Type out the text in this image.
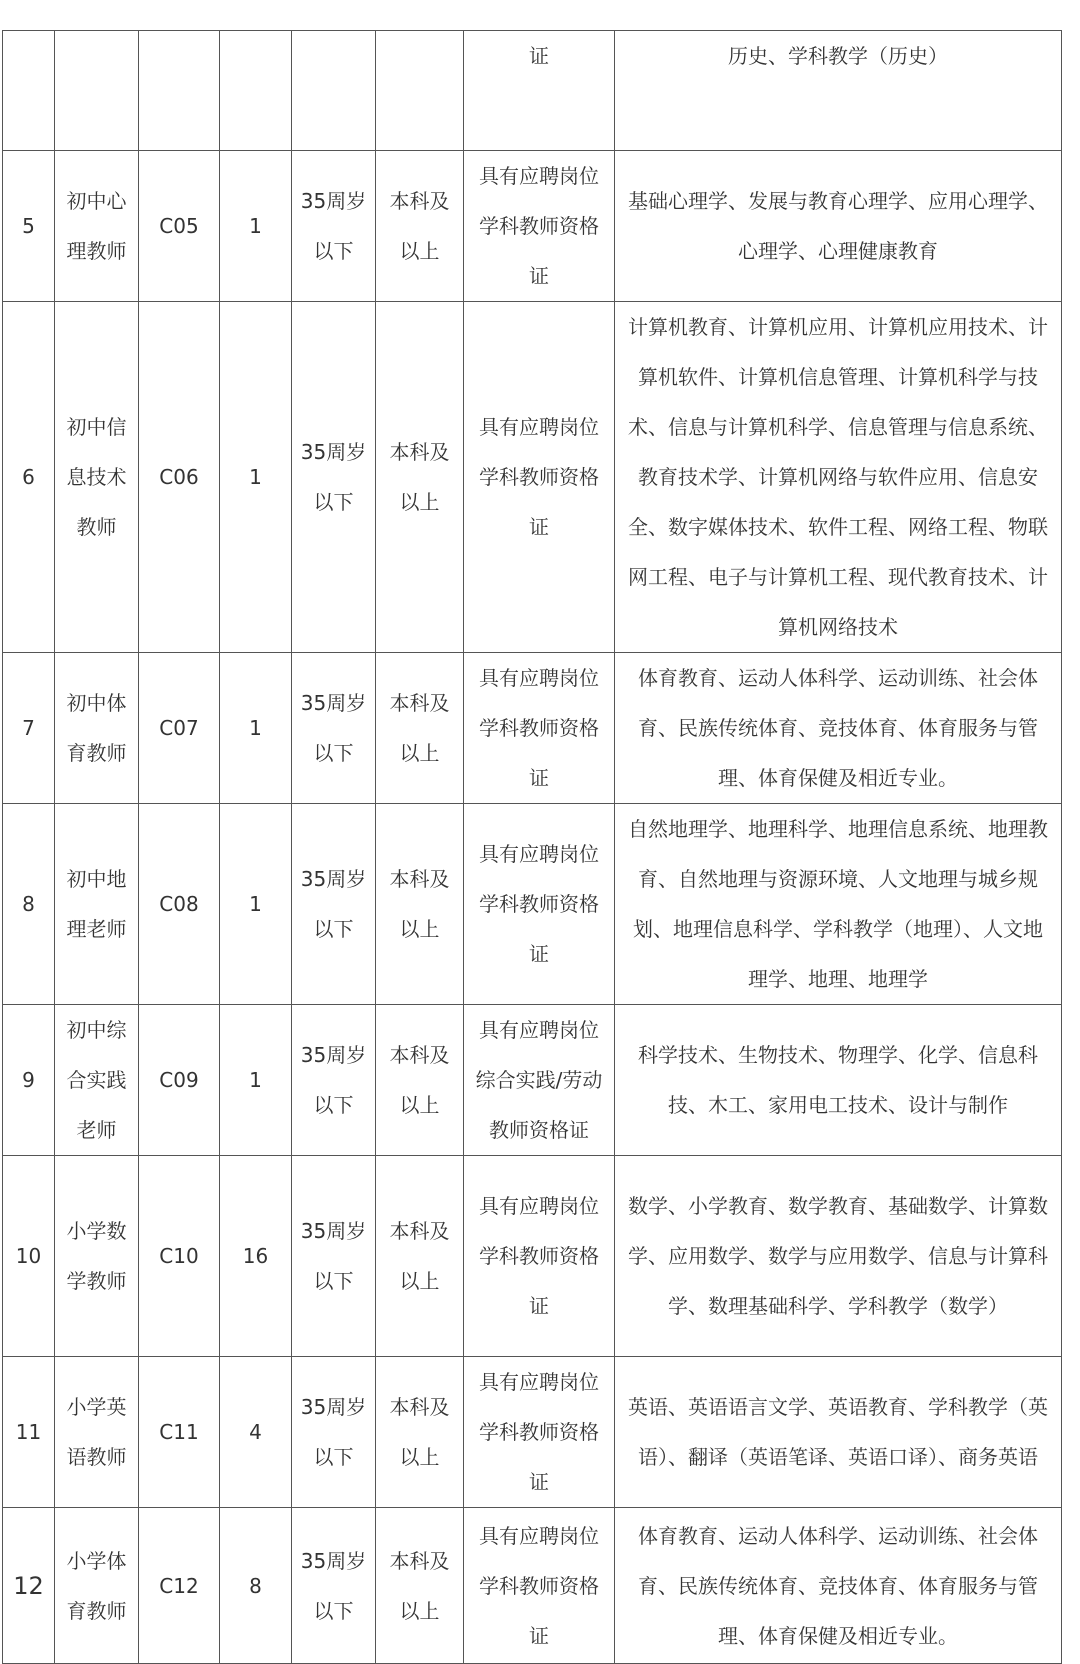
						证	历史、学科教学（历史）
5	初中心理教师	C05	1	35周岁以下	本科及以上	具有应聘岗位学科教师资格证	基础心理学、发展与教育心理学、应用心理学、心理学、心理健康教育
6	初中信息技术教师	C06	1	35周岁以下	本科及以上	具有应聘岗位学科教师资格证	计算机教育、计算机应用、计算机应用技术、计算机软件、计算机信息管理、计算机科学与技术、信息与计算机科学、信息管理与信息系统、教育技术学、计算机网络与软件应用、信息安全、数字媒体技术、软件工程、网络工程、物联网工程、电子与计算机工程、现代教育技术、计算机网络技术
7	初中体育教师	C07	1	35周岁以下	本科及以上	具有应聘岗位学科教师资格证	体育教育、运动人体科学、运动训练、社会体育、民族传统体育、竞技体育、体育服务与管理、体育保健及相近专业。
8	初中地理老师	C08	1	35周岁以下	本科及以上	具有应聘岗位学科教师资格证	自然地理学、地理科学、地理信息系统、地理教育、自然地理与资源环境、人文地理与城乡规划、地理信息科学、学科教学（地理）、人文地理学、地理、地理学
9	初中综合实践老师	C09	1	35周岁以下	本科及以上	具有应聘岗位综合实践/劳动教师资格证	科学技术、生物技术、物理学、化学、信息科技、木工、家用电工技术、设计与制作
10	小学数学教师	C10	16	35周岁以下	本科及以上	具有应聘岗位学科教师资格证	数学、小学教育、数学教育、基础数学、计算数学、应用数学、数学与应用数学、信息与计算科学、数理基础科学、学科教学（数学）
11	小学英语教师	C11	4	35周岁以下	本科及以上	具有应聘岗位学科教师资格证	英语、英语语言文学、英语教育、学科教学（英语）、翻译（英语笔译、英语口译）、商务英语
12	小学体育教师	C12	8	35周岁以下	本科及以上	具有应聘岗位学科教师资格证	体育教育、运动人体科学、运动训练、社会体育、民族传统体育、竞技体育、体育服务与管理、体育保健及相近专业。
